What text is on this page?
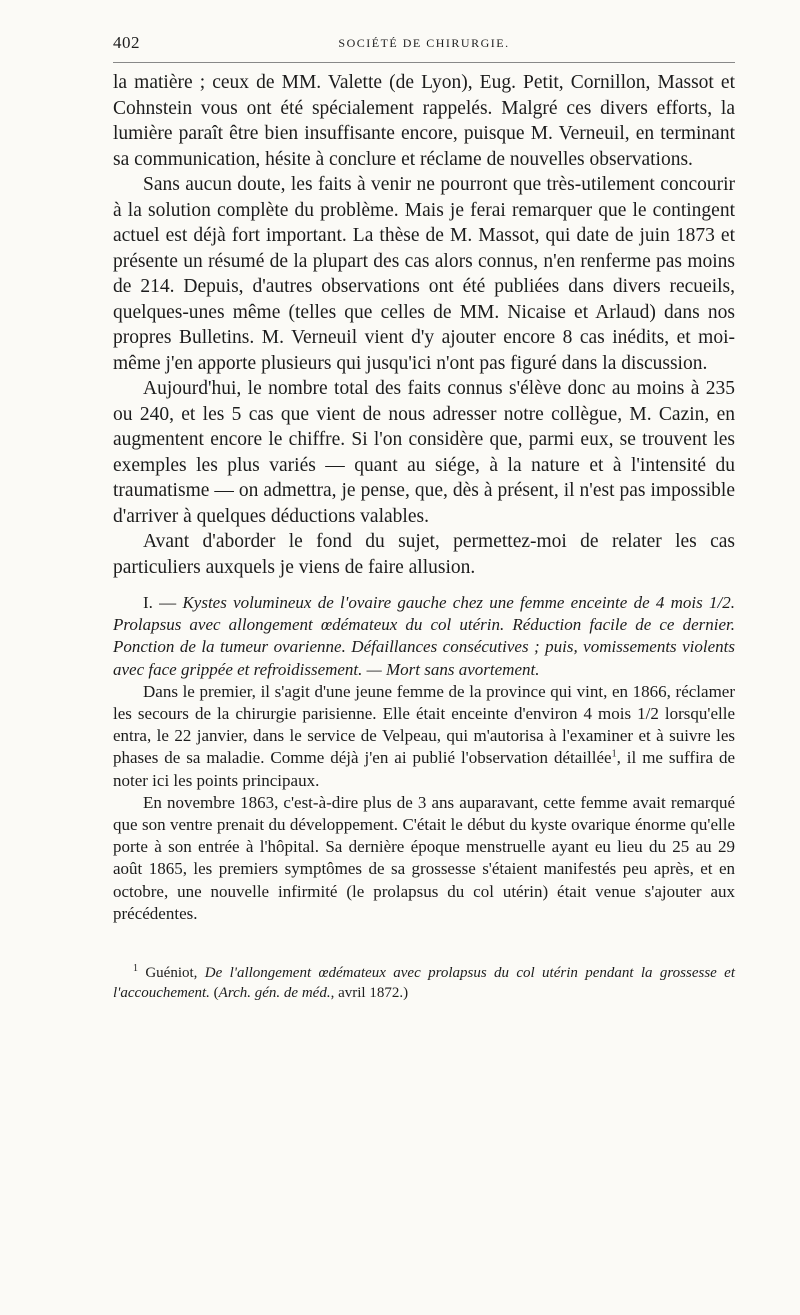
402	SOCIÉTÉ DE CHIRURGIE.

la matière ; ceux de MM. Valette (de Lyon), Eug. Petit, Cornillon, Massot et Cohnstein vous ont été spécialement rappelés. Malgré ces divers efforts, la lumière paraît être bien insuffisante encore, puisque M. Verneuil, en terminant sa communication, hésite à conclure et réclame de nouvelles observations.

Sans aucun doute, les faits à venir ne pourront que très-utilement concourir à la solution complète du problème. Mais je ferai remarquer que le contingent actuel est déjà fort important. La thèse de M. Massot, qui date de juin 1873 et présente un résumé de la plupart des cas alors connus, n'en renferme pas moins de 214. Depuis, d'autres observations ont été publiées dans divers recueils, quelques-unes même (telles que celles de MM. Nicaise et Arlaud) dans nos propres Bulletins. M. Verneuil vient d'y ajouter encore 8 cas inédits, et moi-même j'en apporte plusieurs qui jusqu'ici n'ont pas figuré dans la discussion.

Aujourd'hui, le nombre total des faits connus s'élève donc au moins à 235 ou 240, et les 5 cas que vient de nous adresser notre collègue, M. Cazin, en augmentent encore le chiffre. Si l'on considère que, parmi eux, se trouvent les exemples les plus variés — quant au siége, à la nature et à l'intensité du traumatisme — on admettra, je pense, que, dès à présent, il n'est pas impossible d'arriver à quelques déductions valables.

Avant d'aborder le fond du sujet, permettez-moi de relater les cas particuliers auxquels je viens de faire allusion.

I. — Kystes volumineux de l'ovaire gauche chez une femme enceinte de 4 mois 1/2. Prolapsus avec allongement œdémateux du col utérin. Réduction facile de ce dernier. Ponction de la tumeur ovarienne. Défaillances consécutives ; puis, vomissements violents avec face grippée et refroidissement. — Mort sans avortement.

Dans le premier, il s'agit d'une jeune femme de la province qui vint, en 1866, réclamer les secours de la chirurgie parisienne. Elle était enceinte d'environ 4 mois 1/2 lorsqu'elle entra, le 22 janvier, dans le service de Velpeau, qui m'autorisa à l'examiner et à suivre les phases de sa maladie. Comme déjà j'en ai publié l'observation détaillée$^1$, il me suffira de noter ici les points principaux.

En novembre 1863, c'est-à-dire plus de 3 ans auparavant, cette femme avait remarqué que son ventre prenait du développement. C'était le début du kyste ovarique énorme qu'elle porte à son entrée à l'hôpital. Sa dernière époque menstruelle ayant eu lieu du 25 au 29 août 1865, les premiers symptômes de sa grossesse s'étaient manifestés peu après, et en octobre, une nouvelle infirmité (le prolapsus du col utérin) était venue s'ajouter aux précédentes.

$^1$ Guéniot, De l'allongement œdémateux avec prolapsus du col utérin pendant la grossesse et l'accouchement. (Arch. gén. de méd., avril 1872.)
